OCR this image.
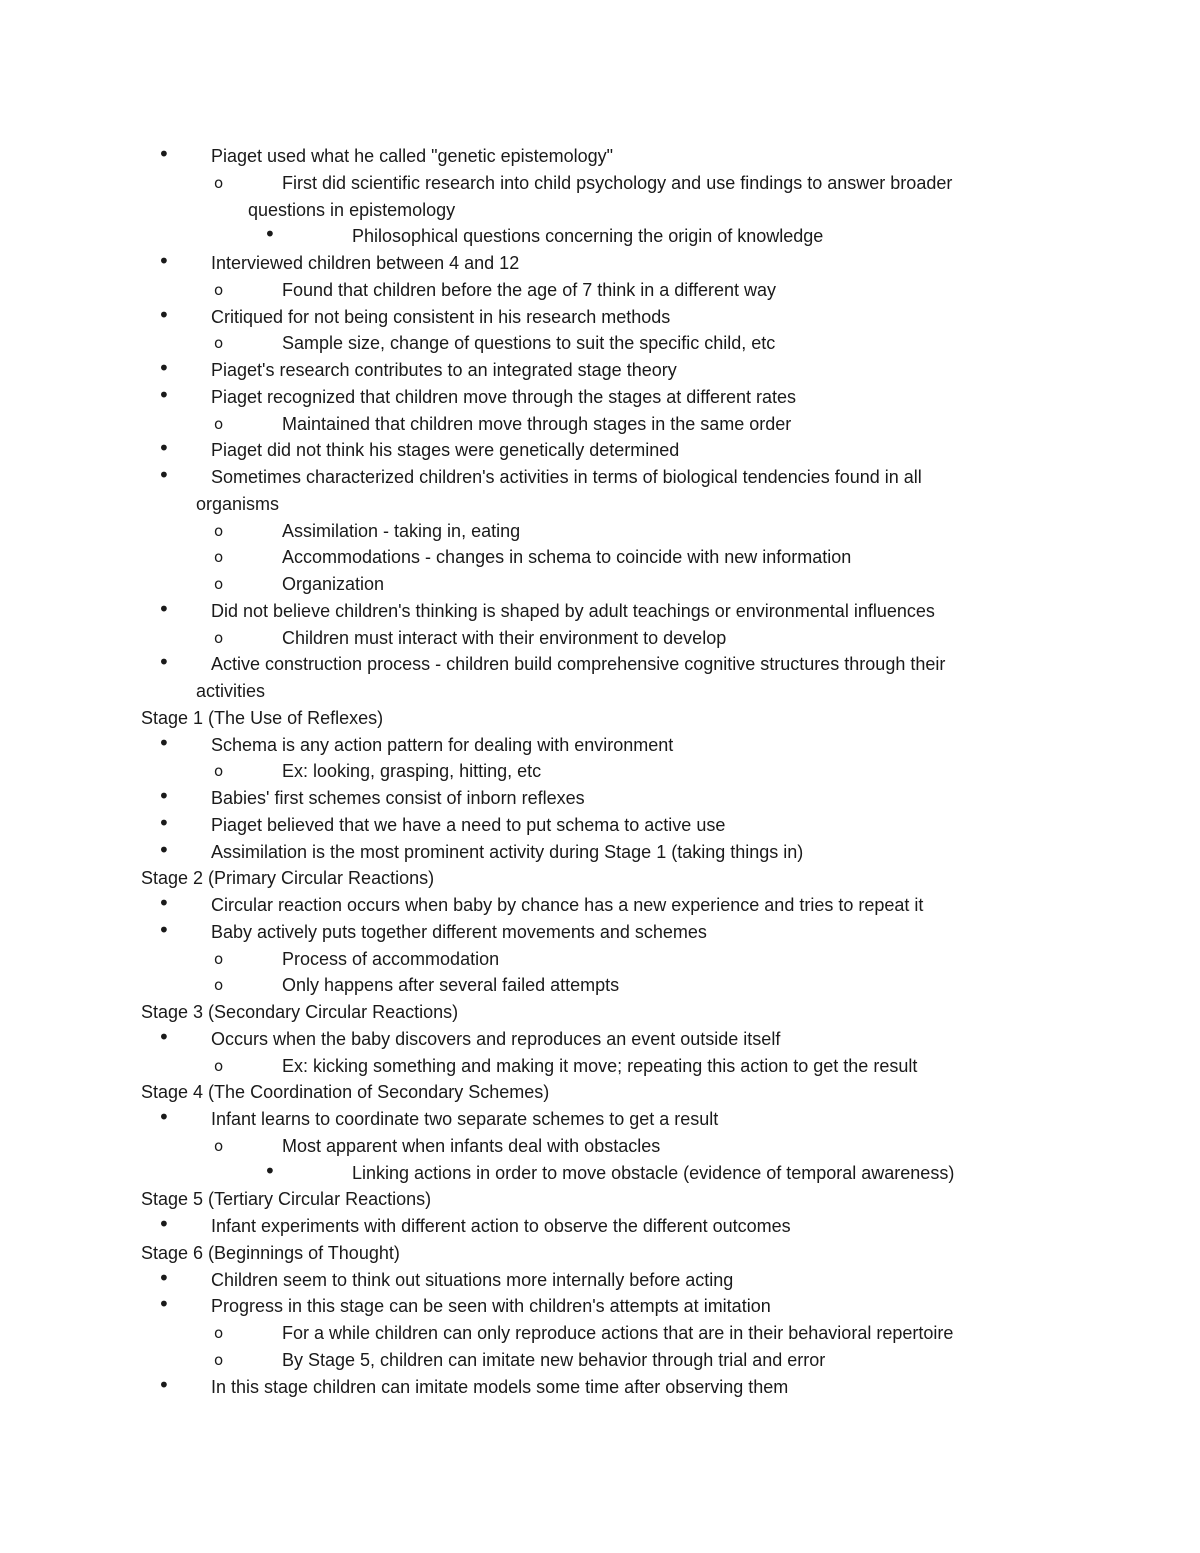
• Piaget used what he called "genetic epistemology"
o	First did scientific research into child psychology and use findings to answer broader
questions in epistemology
•	Philosophical questions concerning the origin of knowledge
• Interviewed children between 4 and 12
o	Found that children before the age of 7 think in a different way
• Critiqued for not being consistent in his research methods
o	Sample size, change of questions to suit the specific child, etc
• Piaget's research contributes to an integrated stage theory
• Piaget recognized that children move through the stages at different rates
o	Maintained that children move through stages in the same order
• Piaget did not think his stages were genetically determined
• Sometimes characterized children's activities in terms of biological tendencies found in all
organisms
o	Assimilation - taking in, eating
o	Accommodations - changes in schema to coincide with new information
o	Organization
• Did not believe children's thinking is shaped by adult teachings or environmental influences
o	Children must interact with their environment to develop
• Active construction process - children build comprehensive cognitive structures through their
activities
Stage 1 (The Use of Reflexes)
• Schema is any action pattern for dealing with environment
o	Ex: looking, grasping, hitting, etc
• Babies' first schemes consist of inborn reflexes
• Piaget believed that we have a need to put schema to active use
• Assimilation is the most prominent activity during Stage 1 (taking things in)
Stage 2 (Primary Circular Reactions)
• Circular reaction occurs when baby by chance has a new experience and tries to repeat it
• Baby actively puts together different movements and schemes
o	Process of accommodation
o	Only happens after several failed attempts
Stage 3 (Secondary Circular Reactions)
• Occurs when the baby discovers and reproduces an event outside itself
o	Ex: kicking something and making it move; repeating this action to get the result
Stage 4 (The Coordination of Secondary Schemes)
• Infant learns to coordinate two separate schemes to get a result
o	Most apparent when infants deal with obstacles
•	Linking actions in order to move obstacle (evidence of temporal awareness)
Stage 5 (Tertiary Circular Reactions)
• Infant experiments with different action to observe the different outcomes
Stage 6 (Beginnings of Thought)
• Children seem to think out situations more internally before acting
• Progress in this stage can be seen with children's attempts at imitation
o	For a while children can only reproduce actions that are in their behavioral repertoire
o	By Stage 5, children can imitate new behavior through trial and error
• In this stage children can imitate models some time after observing them
